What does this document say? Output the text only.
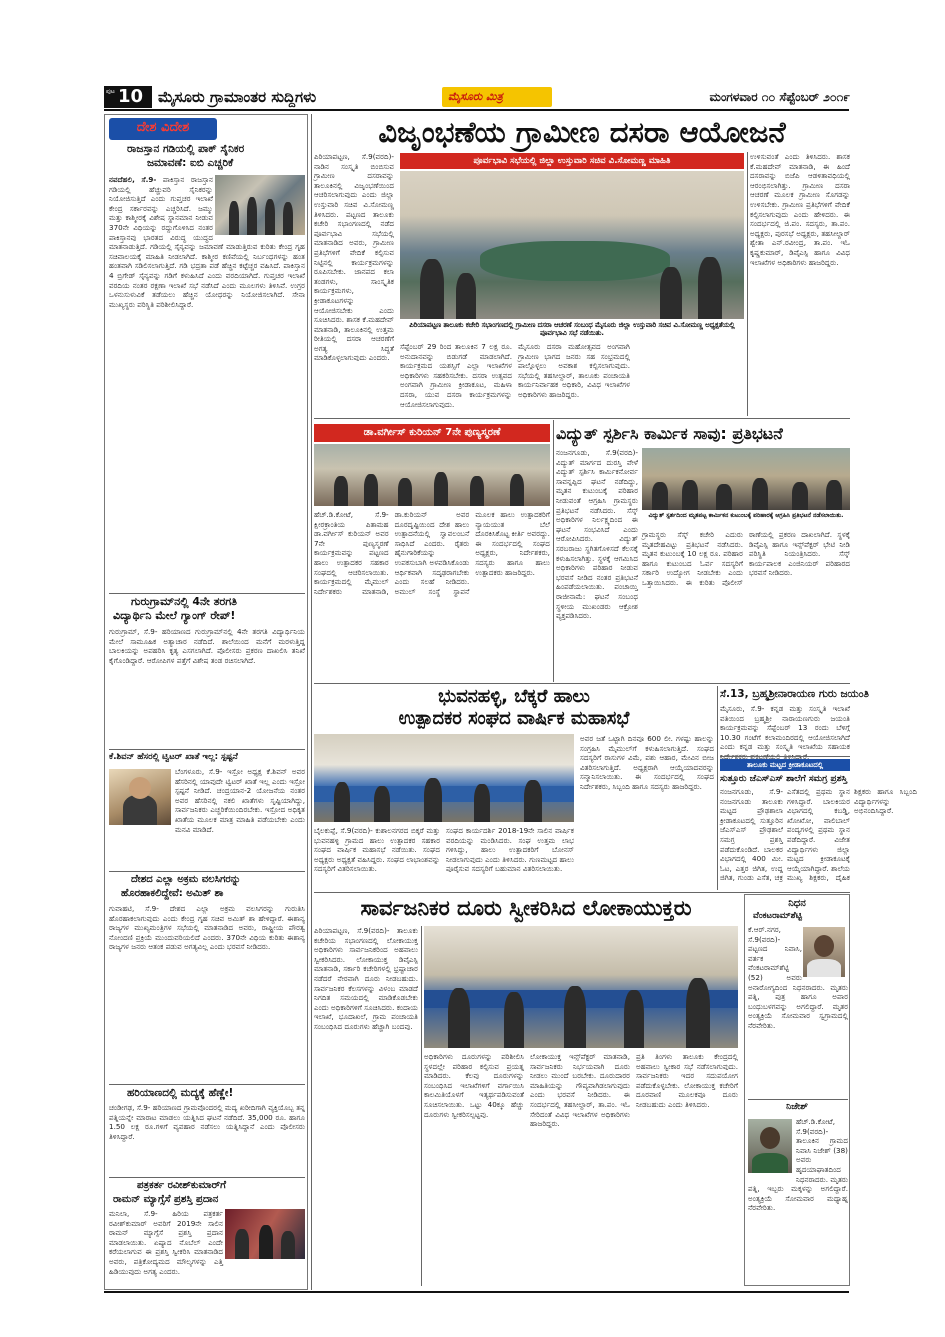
ಪುಟ 10 ಮೈಸೂರು ಗ್ರಾಮಾಂತರ ಸುದ್ದಿಗಳು	ಮೈಸೂರು ಮಿತ್ರ	ಮಂಗಳವಾರ ೧೦ ಸೆಪ್ಟೆಂಬರ್ ೨೦೧೯
ದೇಶ ವಿದೇಶ
ರಾಜಸ್ತಾನ ಗಡಿಯಲ್ಲಿ ಪಾಕ್ ಸೈನಿಕರ
ಜಮಾವಣೆ: ಐಬಿ ಎಚ್ಚರಿಕೆ
ನವದೆಹಲಿ, ಸೆ.9- ಪಾಕಿಸ್ತಾನ ರಾಜಸ್ತಾನ ಗಡಿಯಲ್ಲಿ ಹೆಚ್ಚುವರಿ ಸೈನಿಕರನ್ನು ನಿಯೋಜಿಸುತ್ತಿದೆ ಎಂದು ಗುಪ್ತಚರ ಇಲಾಖೆ ಕೇಂದ್ರ ಸರ್ಕಾರವನ್ನು ಎಚ್ಚರಿಸಿದೆ. ಜಮ್ಮು ಮತ್ತು ಕಾಶ್ಮೀರಕ್ಕೆ ವಿಶೇಷ ಸ್ಥಾನಮಾನ ನೀಡುವ 370ನೇ ವಿಧಿಯನ್ನು ರದ್ದುಗೊಳಿಸಿದ ನಂತರ ಪಾಕಿಸ್ತಾನವು ಭಾರತದ ವಿರುದ್ಧ ಯುದ್ಧದ ಮಾತನಾಡುತ್ತಿದೆ. ಗಡಿಯಲ್ಲಿ ಸೈನ್ಯವನ್ನು ಜಮಾವಣೆ ಮಾಡುತ್ತಿರುವ ಕುರಿತು ಕೇಂದ್ರ ಗೃಹ ಸಚಿವಾಲಯಕ್ಕೆ ಮಾಹಿತಿ ನೀಡಲಾಗಿದೆ. ಕಾಶ್ಮೀರ ಕಣಿವೆಯಲ್ಲಿ ನಿರ್ಬಂಧಗಳನ್ನು ಹಂತ ಹಂತವಾಗಿ ಸಡಿಲಿಸಲಾಗುತ್ತಿದೆ. ಗಡಿ ಭದ್ರತಾ ಪಡೆ ಹೆಚ್ಚಿನ ಕಟ್ಟೆಚ್ಚರ ವಹಿಸಿದೆ. ಪಾಕಿಸ್ತಾನ 4 ಬ್ರಿಗೇಡ್ ಸೈನ್ಯವನ್ನು ಗಡಿಗೆ ಕಳುಹಿಸಿದೆ ಎಂದು ವರದಿಯಾಗಿದೆ. ಗುಪ್ತಚರ ಇಲಾಖೆ ವರದಿಯ ನಂತರ ರಕ್ಷಣಾ ಇಲಾಖೆ ಸಭೆ ನಡೆಸಿದೆ ಎಂದು ಮೂಲಗಳು ತಿಳಿಸಿವೆ. ಉಗ್ರರ ಒಳನುಸುಳುವಿಕೆ ತಡೆಯಲು ಹೆಚ್ಚಿನ ಯೋಧರನ್ನು ನಿಯೋಜಿಸಲಾಗಿದೆ. ಸೇನಾ ಮುಖ್ಯಸ್ಥರು ಪರಿಸ್ಥಿತಿ ಪರಿಶೀಲಿಸಿದ್ದಾರೆ.
ಗುರುಗ್ರಾಮ್‌ನಲ್ಲಿ 4ನೇ ತರಗತಿ
ವಿದ್ಯಾರ್ಥಿನಿ ಮೇಲೆ ಗ್ಯಾಂಗ್ ರೇಪ್!
ಗುರುಗ್ರಾಮ್, ಸೆ.9- ಹರಿಯಾಣದ ಗುರುಗ್ರಾಮ್‌ನಲ್ಲಿ 4ನೇ ತರಗತಿ ವಿದ್ಯಾರ್ಥಿನಿಯ ಮೇಲೆ ಸಾಮೂಹಿಕ ಅತ್ಯಾಚಾರ ನಡೆದಿದೆ. ಶಾಲೆಯಿಂದ ಮನೆಗೆ ಮರಳುತ್ತಿದ್ದ ಬಾಲಕಿಯನ್ನು ಅಪಹರಿಸಿ ಕೃತ್ಯ ಎಸಗಲಾಗಿದೆ. ಪೊಲೀಸರು ಪ್ರಕರಣ ದಾಖಲಿಸಿ ತನಿಖೆ ಕೈಗೊಂಡಿದ್ದಾರೆ. ಆರೋಪಿಗಳ ಪತ್ತೆಗೆ ವಿಶೇಷ ತಂಡ ರಚಿಸಲಾಗಿದೆ.
ಕೆ.ಶಿವನ್ ಹೆಸರಲ್ಲಿ ಟ್ವಿಟರ್ ಖಾತೆ ಇಲ್ಲ: ಸ್ಪಷ್ಟನೆ
ಬೆಂಗಳೂರು, ಸೆ.9- ಇಸ್ರೋ ಅಧ್ಯಕ್ಷ ಕೆ.ಶಿವನ್ ಅವರ ಹೆಸರಿನಲ್ಲಿ ಯಾವುದೇ ಟ್ವಿಟರ್ ಖಾತೆ ಇಲ್ಲ ಎಂದು ಇಸ್ರೋ ಸ್ಪಷ್ಟನೆ ನೀಡಿದೆ. ಚಂದ್ರಯಾನ-2 ಯೋಜನೆಯ ನಂತರ ಅವರ ಹೆಸರಿನಲ್ಲಿ ನಕಲಿ ಖಾತೆಗಳು ಸೃಷ್ಟಿಯಾಗಿದ್ದು, ಸಾರ್ವಜನಿಕರು ಎಚ್ಚರಿಕೆಯಿಂದಿರಬೇಕು. ಇಸ್ರೋದ ಅಧಿಕೃತ ಖಾತೆಯ ಮೂಲಕ ಮಾತ್ರ ಮಾಹಿತಿ ಪಡೆಯಬೇಕು ಎಂದು ಮನವಿ ಮಾಡಿದೆ.
ದೇಶದ ಎಲ್ಲಾ ಅಕ್ರಮ ವಲಸಿಗರನ್ನು
ಹೊರಹಾಕಲಿದ್ದೇವೆ: ಅಮಿತ್ ಶಾ
ಗುವಾಹಟಿ, ಸೆ.9- ದೇಶದ ಎಲ್ಲಾ ಅಕ್ರಮ ವಲಸಿಗರನ್ನು ಗುರುತಿಸಿ ಹೊರಹಾಕಲಾಗುವುದು ಎಂದು ಕೇಂದ್ರ ಗೃಹ ಸಚಿವ ಅಮಿತ್ ಶಾ ಹೇಳಿದ್ದಾರೆ. ಈಶಾನ್ಯ ರಾಜ್ಯಗಳ ಮುಖ್ಯಮಂತ್ರಿಗಳ ಸಭೆಯಲ್ಲಿ ಮಾತನಾಡಿದ ಅವರು, ರಾಷ್ಟ್ರೀಯ ಪೌರತ್ವ ನೋಂದಣಿ ಪ್ರಕ್ರಿಯೆ ಮುಂದುವರಿಯಲಿದೆ ಎಂದರು. 370ನೇ ವಿಧಿಯ ಕುರಿತು ಈಶಾನ್ಯ ರಾಜ್ಯಗಳ ಜನರು ಆತಂಕ ಪಡುವ ಅಗತ್ಯವಿಲ್ಲ ಎಂದು ಭರವಸೆ ನೀಡಿದರು.
ಹರಿಯಾಣದಲ್ಲಿ ಮದ್ಯಕ್ಕೆ ಹೆಣ್ಣೇ!
ಚಂಡೀಗಢ, ಸೆ.9- ಹರಿಯಾಣದ ಗ್ರಾಮವೊಂದರಲ್ಲಿ ಮದ್ಯ ಖರೀದಿಗಾಗಿ ವ್ಯಕ್ತಿಯೊಬ್ಬ ತನ್ನ ಪತ್ನಿಯನ್ನೇ ಮಾರಾಟ ಮಾಡಲು ಯತ್ನಿಸಿದ ಘಟನೆ ನಡೆದಿದೆ. 35,000 ರೂ. ಹಾಗೂ 1.50 ಲಕ್ಷ ರೂ.ಗಳಿಗೆ ವ್ಯವಹಾರ ನಡೆಸಲು ಯತ್ನಿಸಿದ್ದಾನೆ ಎಂದು ಪೊಲೀಸರು ತಿಳಿಸಿದ್ದಾರೆ.
ಪತ್ರಕರ್ತ ರವೀಶ್‌ಕುಮಾರ್‌ಗೆ
ರಾಮನ್ ಮ್ಯಾಗ್ಸೆಸೆ ಪ್ರಶಸ್ತಿ ಪ್ರದಾನ
ಮನಿಲಾ, ಸೆ.9- ಹಿರಿಯ ಪತ್ರಕರ್ತ ರವೀಶ್‌ಕುಮಾರ್ ಅವರಿಗೆ 2019ನೇ ಸಾಲಿನ ರಾಮನ್ ಮ್ಯಾಗ್ಸೆಸೆ ಪ್ರಶಸ್ತಿ ಪ್ರದಾನ ಮಾಡಲಾಯಿತು. ಏಷ್ಯಾದ ನೊಬೆಲ್ ಎಂದೇ ಕರೆಯಲಾಗುವ ಈ ಪ್ರಶಸ್ತಿ ಸ್ವೀಕರಿಸಿ ಮಾತನಾಡಿದ ಅವರು, ಪತ್ರಿಕೋದ್ಯಮದ ಮೌಲ್ಯಗಳನ್ನು ಎತ್ತಿ ಹಿಡಿಯುವುದು ಅಗತ್ಯ ಎಂದರು.
ವಿಜೃಂಭಣೆಯ ಗ್ರಾಮೀಣ ದಸರಾ ಆಯೋಜನೆ
ಪಿರಿಯಾಪಟ್ಟಣ, ಸೆ.9(ವರದಿ)- ನಾಡಿನ ಸಂಸ್ಕೃತಿ ಬಿಂಬಿಸುವ ಗ್ರಾಮೀಣ ದಸರಾವನ್ನು ತಾಲೂಕಿನಲ್ಲಿ ವಿಜೃಂಭಣೆಯಿಂದ ಆಚರಿಸಲಾಗುವುದು ಎಂದು ಜಿಲ್ಲಾ ಉಸ್ತುವಾರಿ ಸಚಿವ ವಿ.ಸೋಮಣ್ಣ ತಿಳಿಸಿದರು. ಪಟ್ಟಣದ ತಾಲೂಕು ಕಚೇರಿ ಸಭಾಂಗಣದಲ್ಲಿ ನಡೆದ ಪೂರ್ವಭಾವಿ ಸಭೆಯಲ್ಲಿ ಮಾತನಾಡಿದ ಅವರು, ಗ್ರಾಮೀಣ ಪ್ರತಿಭೆಗಳಿಗೆ ವೇದಿಕೆ ಕಲ್ಪಿಸುವ ನಿಟ್ಟಿನಲ್ಲಿ ಕಾರ್ಯಕ್ರಮಗಳನ್ನು ರೂಪಿಸಬೇಕು. ಜಾನಪದ ಕಲಾ ತಂಡಗಳು, ಸಾಂಸ್ಕೃತಿಕ ಕಾರ್ಯಕ್ರಮಗಳು, ಕ್ರೀಡಾಕೂಟಗಳನ್ನು ಆಯೋಜಿಸಬೇಕು ಎಂದು ಸೂಚಿಸಿದರು. ಶಾಸಕ ಕೆ.ಮಹದೇವ್ ಮಾತನಾಡಿ, ತಾಲೂಕಿನಲ್ಲಿ ಉತ್ತಮ ರೀತಿಯಲ್ಲಿ ದಸರಾ ಆಚರಣೆಗೆ ಅಗತ್ಯ ಸಿದ್ಧತೆ ಮಾಡಿಕೊಳ್ಳಲಾಗುವುದು ಎಂದರು.
ಪೂರ್ವಭಾವಿ ಸಭೆಯಲ್ಲಿ ಜಿಲ್ಲಾ ಉಸ್ತುವಾರಿ ಸಚಿವ ವಿ.ಸೋಮಣ್ಣ ಮಾಹಿತಿ
ಪಿರಿಯಾಪಟ್ಟಣ ತಾಲೂಕು ಕಚೇರಿ ಸಭಾಂಗಣದಲ್ಲಿ ಗ್ರಾಮೀಣ ದಸರಾ ಆಚರಣೆ ಸಂಬಂಧ ಮೈಸೂರು ಜಿಲ್ಲಾ ಉಸ್ತುವಾರಿ ಸಚಿವ ವಿ.ಸೋಮಣ್ಣ ಅಧ್ಯಕ್ಷತೆಯಲ್ಲಿ ಪೂರ್ವಭಾವಿ ಸಭೆ ನಡೆಯಿತು.
ಸೆಪ್ಟೆಂಬರ್ 29 ರಿಂದ ತಾಲೂಕಿನ 7 ಲಕ್ಷ ರೂ. ಅನುದಾನವನ್ನು ಬಿಡುಗಡೆ ಮಾಡಲಾಗಿದೆ. ಕಾರ್ಯಕ್ರಮದ ಯಶಸ್ಸಿಗೆ ಎಲ್ಲಾ ಇಲಾಖೆಗಳ ಅಧಿಕಾರಿಗಳು ಸಹಕರಿಸಬೇಕು. ದಸರಾ ಉತ್ಸವದ ಅಂಗವಾಗಿ ಗ್ರಾಮೀಣ ಕ್ರೀಡಾಕೂಟ, ಮಹಿಳಾ ದಸರಾ, ಯುವ ದಸರಾ ಕಾರ್ಯಕ್ರಮಗಳನ್ನು ಆಯೋಜಿಸಲಾಗುವುದು.
ಮೈಸೂರು ದಸರಾ ಮಹೋತ್ಸವದ ಅಂಗವಾಗಿ ಗ್ರಾಮೀಣ ಭಾಗದ ಜನರು ಸಹ ಸಂಭ್ರಮದಲ್ಲಿ ಪಾಲ್ಗೊಳ್ಳಲು ಅವಕಾಶ ಕಲ್ಪಿಸಲಾಗುವುದು. ಸಭೆಯಲ್ಲಿ ತಹಸೀಲ್ದಾರ್, ತಾಲೂಕು ಪಂಚಾಯತಿ ಕಾರ್ಯನಿರ್ವಾಹಕ ಅಧಿಕಾರಿ, ವಿವಿಧ ಇಲಾಖೆಗಳ ಅಧಿಕಾರಿಗಳು ಹಾಜರಿದ್ದರು.
ಉಳಿಸುವಂತೆ ಎಂದು ತಿಳಿಸಿದರು. ಶಾಸಕ ಕೆ.ಮಹದೇವ್ ಮಾತನಾಡಿ, ಈ ಹಿಂದೆ ದಸರಾವನ್ನು ಬಿಜೆಪಿ ಆಡಳಿತಾವಧಿಯಲ್ಲಿ ಆರಂಭಿಸಲಾಗಿತ್ತು. ಗ್ರಾಮೀಣ ದಸರಾ ಆಚರಣೆ ಮೂಲಕ ಗ್ರಾಮೀಣ ಸೊಗಡನ್ನು ಉಳಿಸಬೇಕು. ಗ್ರಾಮೀಣ ಪ್ರತಿಭೆಗಳಿಗೆ ವೇದಿಕೆ ಕಲ್ಪಿಸಲಾಗುವುದು ಎಂದು ಹೇಳಿದರು. ಈ ಸಂದರ್ಭದಲ್ಲಿ ಜಿ.ಪಂ. ಸದಸ್ಯರು, ತಾ.ಪಂ. ಅಧ್ಯಕ್ಷರು, ಪುರಸಭೆ ಅಧ್ಯಕ್ಷರು, ತಹಸೀಲ್ದಾರ್ ಶ್ವೇತಾ ಎನ್.ರವೀಂದ್ರ, ತಾ.ಪಂ. ಇಓ ಕೃಷ್ಣಕುಮಾರ್, ಡಿವೈಎಸ್ಪಿ ಹಾಗೂ ವಿವಿಧ ಇಲಾಖೆಗಳ ಅಧಿಕಾರಿಗಳು ಹಾಜರಿದ್ದರು.
ಡಾ.ವರ್ಗೀಸ್ ಕುರಿಯನ್ 7ನೇ ಪುಣ್ಯಸ್ಮರಣೆ
ಹೆಚ್.ಡಿ.ಕೋಟೆ, ಸೆ.9- ಕ್ಷೀರಕ್ರಾಂತಿಯ ಪಿತಾಮಹ ಡಾ.ವರ್ಗೀಸ್ ಕುರಿಯನ್ ಅವರ 7ನೇ ಪುಣ್ಯಸ್ಮರಣೆ ಕಾರ್ಯಕ್ರಮವನ್ನು ಪಟ್ಟಣದ ಹಾಲು ಉತ್ಪಾದಕರ ಸಹಕಾರ ಸಂಘದಲ್ಲಿ ಆಚರಿಸಲಾಯಿತು. ಕಾರ್ಯಕ್ರಮದಲ್ಲಿ ಮೈಮುಲ್ ನಿರ್ದೇಶಕರು ಮಾತನಾಡಿ, ಡಾ.ಕುರಿಯನ್ ಅವರ ದೂರದೃಷ್ಟಿಯಿಂದ ದೇಶ ಹಾಲು ಉತ್ಪಾದನೆಯಲ್ಲಿ ಸ್ವಾವಲಂಬನೆ ಸಾಧಿಸಿದೆ ಎಂದರು. ರೈತರು ಹೈನುಗಾರಿಕೆಯನ್ನು ಉಪಕಸುಬಾಗಿ ಅಳವಡಿಸಿಕೊಂಡು ಆರ್ಥಿಕವಾಗಿ ಸದೃಢರಾಗಬೇಕು ಎಂದು ಸಲಹೆ ನೀಡಿದರು. ಅಮುಲ್ ಸಂಸ್ಥೆ ಸ್ಥಾಪನೆ ಮೂಲಕ ಹಾಲು ಉತ್ಪಾದಕರಿಗೆ ನ್ಯಾಯಯುತ ಬೆಲೆ ದೊರಕಿಸಿಕೊಟ್ಟ ಕೀರ್ತಿ ಅವರದ್ದು. ಈ ಸಂದರ್ಭದಲ್ಲಿ ಸಂಘದ ಅಧ್ಯಕ್ಷರು, ನಿರ್ದೇಶಕರು, ಸದಸ್ಯರು ಹಾಗೂ ಹಾಲು ಉತ್ಪಾದಕರು ಹಾಜರಿದ್ದರು.
ವಿದ್ಯುತ್ ಸ್ಪರ್ಶಿಸಿ ಕಾರ್ಮಿಕ ಸಾವು: ಪ್ರತಿಭಟನೆ
ವಿದ್ಯುತ್ ಸ್ಪರ್ಶದಿಂದ ಮೃತಪಟ್ಟ ಕಾರ್ಮಿಕನ ಕುಟುಂಬಕ್ಕೆ ಪರಿಹಾರಕ್ಕೆ ಆಗ್ರಹಿಸಿ ಪ್ರತಿಭಟನೆ ನಡೆಸಲಾಯಿತು.
ನಂಜನಗೂಡು, ಸೆ.9(ವರದಿ)- ವಿದ್ಯುತ್ ಮಾರ್ಗದ ದುರಸ್ತಿ ವೇಳೆ ವಿದ್ಯುತ್ ಸ್ಪರ್ಶಿಸಿ ಕಾರ್ಮಿಕನೋರ್ವ ಸಾವನ್ನಪ್ಪಿದ ಘಟನೆ ನಡೆದಿದ್ದು, ಮೃತನ ಕುಟುಂಬಕ್ಕೆ ಪರಿಹಾರ ನೀಡುವಂತೆ ಆಗ್ರಹಿಸಿ ಗ್ರಾಮಸ್ಥರು ಪ್ರತಿಭಟನೆ ನಡೆಸಿದರು. ಸೆಸ್ಕ್ ಅಧಿಕಾರಿಗಳ ನಿರ್ಲಕ್ಷ್ಯದಿಂದ ಈ ಘಟನೆ ಸಂಭವಿಸಿದೆ ಎಂದು ಆರೋಪಿಸಿದರು. ವಿದ್ಯುತ್ ಸರಬರಾಜು ಸ್ಥಗಿತಗೊಳಿಸದೆ ಕೆಲಸಕ್ಕೆ ಕಳುಹಿಸಲಾಗಿತ್ತು. ಸ್ಥಳಕ್ಕೆ ಆಗಮಿಸಿದ ಅಧಿಕಾರಿಗಳು ಪರಿಹಾರ ನೀಡುವ ಭರವಸೆ ನೀಡಿದ ನಂತರ ಪ್ರತಿಭಟನೆ ಹಿಂಪಡೆಯಲಾಯಿತು. ಪಂಚಾಯ್ತಿ ರಾಜೀನಾಮೆ: ಘಟನೆ ಸಂಬಂಧ ಸ್ಥಳೀಯ ಮುಖಂಡರು ಆಕ್ರೋಶ ವ್ಯಕ್ತಪಡಿಸಿದರು.
ಗ್ರಾಮಸ್ಥರು ಸೆಸ್ಕ್ ಕಚೇರಿ ಎದುರು ಮೃತದೇಹವಿಟ್ಟು ಪ್ರತಿಭಟನೆ ನಡೆಸಿದರು. ಮೃತನ ಕುಟುಂಬಕ್ಕೆ 10 ಲಕ್ಷ ರೂ. ಪರಿಹಾರ ಹಾಗೂ ಕುಟುಂಬದ ಓರ್ವ ಸದಸ್ಯರಿಗೆ ಸರ್ಕಾರಿ ಉದ್ಯೋಗ ನೀಡಬೇಕು ಎಂದು ಒತ್ತಾಯಿಸಿದರು. ಈ ಕುರಿತು ಪೊಲೀಸ್ ಠಾಣೆಯಲ್ಲಿ ಪ್ರಕರಣ ದಾಖಲಾಗಿದೆ. ಸ್ಥಳಕ್ಕೆ ಡಿವೈಎಸ್ಪಿ ಹಾಗೂ ಇನ್ಸ್‌ಪೆಕ್ಟರ್ ಭೇಟಿ ನೀಡಿ ಪರಿಸ್ಥಿತಿ ನಿಯಂತ್ರಿಸಿದರು. ಸೆಸ್ಕ್ ಕಾರ್ಯಪಾಲಕ ಎಂಜಿನಿಯರ್ ಪರಿಹಾರದ ಭರವಸೆ ನೀಡಿದರು.
ಭುವನಹಳ್ಳಿ, ಬೆಕ್ಕರೆ ಹಾಲು
ಉತ್ಪಾದಕರ ಸಂಘದ ವಾರ್ಷಿಕ ಮಹಾಸಭೆ
ಬೈಲಕುಪ್ಪೆ, ಸೆ.9(ವರದಿ)- ಕುಶಾಲನಗರದ ಬಿಕ್ಕರೆ ಮತ್ತು ಭುವನಹಳ್ಳಿ ಗ್ರಾಮದ ಹಾಲು ಉತ್ಪಾದಕರ ಸಹಕಾರ ಸಂಘದ ವಾರ್ಷಿಕ ಮಹಾಸಭೆ ನಡೆಯಿತು. ಸಂಘದ ಅಧ್ಯಕ್ಷರು ಅಧ್ಯಕ್ಷತೆ ವಹಿಸಿದ್ದರು. ಸಂಘದ ಲಾಭಾಂಶವನ್ನು ಸದಸ್ಯರಿಗೆ ವಿತರಿಸಲಾಯಿತು.
ಸಂಘದ ಕಾರ್ಯದರ್ಶಿ 2018-19ನೇ ಸಾಲಿನ ವಾರ್ಷಿಕ ವರದಿಯನ್ನು ಮಂಡಿಸಿದರು. ಸಂಘ ಉತ್ತಮ ಲಾಭ ಗಳಿಸಿದ್ದು, ಹಾಲು ಉತ್ಪಾದಕರಿಗೆ ಬೋನಸ್ ನೀಡಲಾಗುವುದು ಎಂದು ತಿಳಿಸಿದರು. ಗುಣಮಟ್ಟದ ಹಾಲು ಪೂರೈಸುವ ಸದಸ್ಯರಿಗೆ ಬಹುಮಾನ ವಿತರಿಸಲಾಯಿತು.
ಅವರ ಜತೆ ಒಟ್ಟಾಗಿ ದಿನವೂ 600 ಲೀ. ಗಳಷ್ಟು ಹಾಲನ್ನು ಸಂಗ್ರಹಿಸಿ ಮೈಮುಲ್‌ಗೆ ಕಳುಹಿಸಲಾಗುತ್ತಿದೆ. ಸಂಘದ ಸದಸ್ಯರಿಗೆ ರಾಸುಗಳ ವಿಮೆ, ಪಶು ಆಹಾರ, ಮೇವಿನ ಬೀಜ ವಿತರಿಸಲಾಗುತ್ತಿದೆ. ಅಧ್ಯಕ್ಷರಾಗಿ ಆಯ್ಕೆಯಾದವರನ್ನು ಸನ್ಮಾನಿಸಲಾಯಿತು. ಈ ಸಂದರ್ಭದಲ್ಲಿ ಸಂಘದ ನಿರ್ದೇಶಕರು, ಸಿಬ್ಬಂದಿ ಹಾಗೂ ಸದಸ್ಯರು ಹಾಜರಿದ್ದರು.
ಸೆ.13, ಬ್ರಹ್ಮಶ್ರೀನಾರಾಯಣ ಗುರು ಜಯಂತಿ
ಮೈಸೂರು, ಸೆ.9- ಕನ್ನಡ ಮತ್ತು ಸಂಸ್ಕೃತಿ ಇಲಾಖೆ ವತಿಯಿಂದ ಬ್ರಹ್ಮಶ್ರೀ ನಾರಾಯಣಗುರು ಜಯಂತಿ ಕಾರ್ಯಕ್ರಮವನ್ನು ಸೆಪ್ಟೆಂಬರ್ 13 ರಂದು ಬೆಳಿಗ್ಗೆ 10.30 ಗಂಟೆಗೆ ಕಲಾಮಂದಿರದಲ್ಲಿ ಆಯೋಜಿಸಲಾಗಿದೆ ಎಂದು ಕನ್ನಡ ಮತ್ತು ಸಂಸ್ಕೃತಿ ಇಲಾಖೆಯ ಸಹಾಯಕ
ತಾಲೂಕು ಮಟ್ಟದ ಕ್ರೀಡಾಕೂಟದಲ್ಲಿ
ಸುತ್ತೂರು ಜೆಎಸ್‌ಎಸ್ ಶಾಲೆಗೆ ಸಮಗ್ರ ಪ್ರಶಸ್ತಿ
ನಂಜನಗೂಡು, ಸೆ.9- ನಂಜನಗೂಡು ತಾಲೂಕು ಮಟ್ಟದ ಪ್ರೌಢಶಾಲಾ ಕ್ರೀಡಾಕೂಟದಲ್ಲಿ ಸುತ್ತೂರಿನ ಜೆಎಸ್‌ಎಸ್ ಪ್ರೌಢಶಾಲೆ ಸಮಗ್ರ ಪ್ರಶಸ್ತಿ ಪಡೆದುಕೊಂಡಿದೆ. ಬಾಲಕರ ವಿಭಾಗದಲ್ಲಿ 400 ಮೀ. ಓಟ, ಎತ್ತರ ಜಿಗಿತ, ಉದ್ದ ಜಿಗಿತ, ಗುಂಡು ಎಸೆತ, ಚಕ್ರ ಎಸೆತದಲ್ಲಿ ಪ್ರಥಮ ಸ್ಥಾನ ಗಳಿಸಿದ್ದಾರೆ. ಬಾಲಕಿಯರ ವಿಭಾಗದಲ್ಲಿ ಕಬಡ್ಡಿ, ಖೋಖೋ, ವಾಲಿಬಾಲ್ ಪಂದ್ಯಗಳಲ್ಲಿ ಪ್ರಥಮ ಸ್ಥಾನ ಪಡೆದಿದ್ದಾರೆ. ವಿಜೇತ ವಿದ್ಯಾರ್ಥಿಗಳು ಜಿಲ್ಲಾ ಮಟ್ಟದ ಕ್ರೀಡಾಕೂಟಕ್ಕೆ ಆಯ್ಕೆಯಾಗಿದ್ದಾರೆ. ಶಾಲೆಯ ಮುಖ್ಯ ಶಿಕ್ಷಕರು, ದೈಹಿಕ ಶಿಕ್ಷಕರು ಹಾಗೂ ಸಿಬ್ಬಂದಿ ವಿದ್ಯಾರ್ಥಿಗಳನ್ನು ಅಭಿನಂದಿಸಿದ್ದಾರೆ.
ಸಾರ್ವಜನಿಕರ ದೂರು ಸ್ವೀಕರಿಸಿದ ಲೋಕಾಯುಕ್ತರು
ಪಿರಿಯಾಪಟ್ಟಣ, ಸೆ.9(ವರದಿ)- ತಾಲೂಕು ಕಚೇರಿಯ ಸಭಾಂಗಣದಲ್ಲಿ ಲೋಕಾಯುಕ್ತ ಅಧಿಕಾರಿಗಳು ಸಾರ್ವಜನಿಕರಿಂದ ಅಹವಾಲು ಸ್ವೀಕರಿಸಿದರು. ಲೋಕಾಯುಕ್ತ ಡಿವೈಎಸ್ಪಿ ಮಾತನಾಡಿ, ಸರ್ಕಾರಿ ಕಚೇರಿಗಳಲ್ಲಿ ಭ್ರಷ್ಟಾಚಾರ ನಡೆದರೆ ನೇರವಾಗಿ ದೂರು ನೀಡಬಹುದು. ಸಾರ್ವಜನಿಕರ ಕೆಲಸಗಳನ್ನು ವಿಳಂಬ ಮಾಡದೆ ನಿಗದಿತ ಸಮಯದಲ್ಲಿ ಮಾಡಿಕೊಡಬೇಕು ಎಂದು ಅಧಿಕಾರಿಗಳಿಗೆ ಸೂಚಿಸಿದರು. ಕಂದಾಯ ಇಲಾಖೆ, ಭೂದಾಖಲೆ, ಗ್ರಾಮ ಪಂಚಾಯತಿ ಸಂಬಂಧಿಸಿದ ದೂರುಗಳು ಹೆಚ್ಚಾಗಿ ಬಂದವು.
ಅಧಿಕಾರಿಗಳು ದೂರುಗಳನ್ನು ಪರಿಶೀಲಿಸಿ ಸ್ಥಳದಲ್ಲೇ ಪರಿಹಾರ ಕಲ್ಪಿಸುವ ಪ್ರಯತ್ನ ಮಾಡಿದರು. ಕೆಲವು ದೂರುಗಳನ್ನು ಸಂಬಂಧಿಸಿದ ಇಲಾಖೆಗಳಿಗೆ ವರ್ಗಾಯಿಸಿ ಕಾಲಮಿತಿಯೊಳಗೆ ಇತ್ಯರ್ಥಪಡಿಸುವಂತೆ ಸೂಚಿಸಲಾಯಿತು. ಒಟ್ಟು 40ಕ್ಕೂ ಹೆಚ್ಚು ದೂರುಗಳು ಸ್ವೀಕರಿಸಲ್ಪಟ್ಟವು.
ಲೋಕಾಯುಕ್ತ ಇನ್ಸ್‌ಪೆಕ್ಟರ್ ಮಾತನಾಡಿ, ಸಾರ್ವಜನಿಕರು ನಿರ್ಭಯವಾಗಿ ದೂರು ನೀಡಲು ಮುಂದೆ ಬರಬೇಕು. ದೂರುದಾರರ ಮಾಹಿತಿಯನ್ನು ಗೌಪ್ಯವಾಗಿಡಲಾಗುವುದು ಎಂದು ಭರವಸೆ ನೀಡಿದರು. ಈ ಸಂದರ್ಭದಲ್ಲಿ ತಹಸೀಲ್ದಾರ್, ತಾ.ಪಂ. ಇಓ ಸೇರಿದಂತೆ ವಿವಿಧ ಇಲಾಖೆಗಳ ಅಧಿಕಾರಿಗಳು ಹಾಜರಿದ್ದರು.
ಪ್ರತಿ ತಿಂಗಳು ತಾಲೂಕು ಕೇಂದ್ರದಲ್ಲಿ ಅಹವಾಲು ಸ್ವೀಕಾರ ಸಭೆ ನಡೆಸಲಾಗುವುದು. ಸಾರ್ವಜನಿಕರು ಇದರ ಸದುಪಯೋಗ ಪಡೆದುಕೊಳ್ಳಬೇಕು. ಲೋಕಾಯುಕ್ತ ಕಚೇರಿಗೆ ದೂರವಾಣಿ ಮೂಲಕವೂ ದೂರು ನೀಡಬಹುದು ಎಂದು ತಿಳಿಸಿದರು.
ನಿಧನ
ವೆಂಕಟರಾಮ್‌ಶೆಟ್ಟಿ
ಕೆ.ಆರ್.ನಗರ, ಸೆ.9(ವರದಿ)- ಪಟ್ಟಣದ ನಿವಾಸಿ, ವರ್ತಕ ವೆಂಕಟರಾಮ್‌ಶೆಟ್ಟಿ (52) ಅವರು ಅನಾರೋಗ್ಯದಿಂದ ನಿಧನರಾದರು. ಮೃತರು ಪತ್ನಿ, ಪುತ್ರ ಹಾಗೂ ಅಪಾರ ಬಂಧುಬಳಗವನ್ನು ಅಗಲಿದ್ದಾರೆ. ಮೃತರ ಅಂತ್ಯಕ್ರಿಯೆ ಸೋಮವಾರ ಸ್ವಗ್ರಾಮದಲ್ಲಿ ನೆರವೇರಿತು.
ನಿಜೇಶ್
ಹೆಚ್.ಡಿ.ಕೋಟೆ, ಸೆ.9(ವರದಿ)- ತಾಲೂಕಿನ ಗ್ರಾಮದ ನಿವಾಸಿ ನಿಜೇಶ್ (38) ಅವರು ಹೃದಯಾಘಾತದಿಂದ ನಿಧನರಾದರು. ಮೃತರು ಪತ್ನಿ, ಇಬ್ಬರು ಮಕ್ಕಳನ್ನು ಅಗಲಿದ್ದಾರೆ. ಅಂತ್ಯಕ್ರಿಯೆ ಸೋಮವಾರ ಮಧ್ಯಾಹ್ನ ನೆರವೇರಿತು.
